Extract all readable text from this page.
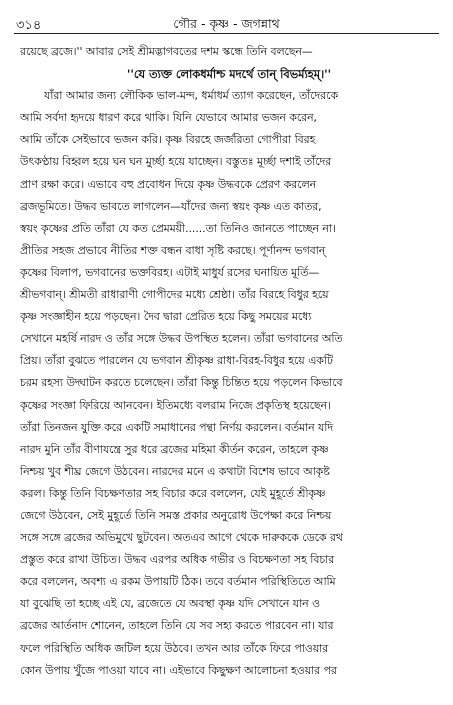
৩১৪	গৌর - কৃষ্ণ - জগন্নাথ
রয়েছে ব্রজে।'' আবার সেই শ্রীমদ্ভাগবতের দশম স্কন্ধে তিনি বলছেন—
''যে ত্যক্ত লোকধর্মাশ্চ মদর্থে তান্ বিভর্ম্যহম্।''
যাঁরা আমার জন্য লৌকিক ভাল-মন্দ, ধর্মাধর্ম ত্যাগ করেছেন, তাঁদেরকে
আমি সর্বদা হৃদয়ে ধারণ করে থাকি। যিনি যেভাবে আমার ভজন করেন,
আমি তাঁকে সেইভাবে ভজন করি। কৃষ্ণ বিরহে জর্জরিতা গোপীরা বিরহ
উৎকণ্ঠায় বিহ্বল হয়ে ঘন ঘন মুর্চ্ছা হয়ে যাচ্ছেন। বস্তুতঃ মূর্চ্ছা দশাই তাঁদের
প্রাণ রক্ষা করে। এভাবে বহু প্রবোধন দিয়ে কৃষ্ণ উদ্ধবকে প্রেরণ করলেন
ব্রজভূমিতে। উদ্ধব ভাবতে লাগলেন—যাঁদের জন্য স্বয়ং কৃষ্ণ এত কাতর,
স্বয়ং কৃষ্ণের প্রতি তাঁরা যে কত প্রেমময়ী......তা তিনিও জানতে পাচ্ছেন না।
প্রীতির সহজ প্রভাবে নীতির শক্ত বন্ধন বাধা সৃষ্টি করছে। পূর্ণানন্দ ভগবান্
কৃষ্ণের বিলাপ, ভগবানের ভক্তবিরহ। এটাই মাধুর্য রসের ঘনায়িত মূর্তি—
শ্রীভগবান্। শ্রীমতী রাধারাণী গোপীদের মধ্যে শ্রেষ্ঠা। তাঁর বিরহে বিধুর হয়ে
কৃষ্ণ সংজ্ঞাহীন হয়ে পড়ছেন। দৈব দ্বারা প্রেরিত হয়ে কিছু সময়ের মধ্যে
সেখানে মহর্ষি নারদ ও তাঁর সঙ্গে উদ্ধব উপস্থিত হলেন। তাঁরা ভগবানের অতি
প্রিয়। তাঁরা বুঝতে পারলেন যে ভগবান শ্রীকৃষ্ণ রাধা-বিরহ-বিধুর হয়ে একটি
চরম রহস্য উদ্ঘাটন করতে চলেছেন। তাঁরা কিন্তু চিন্তিত হয়ে পড়লেন কিভাবে
কৃষ্ণের সংজ্ঞা ফিরিয়ে আনবেন। ইতিমধ্যে বলরাম নিজে প্রকৃতিস্থ হয়েছেন।
তাঁরা তিনজন যুক্তি করে একটি সমাধানের পন্থা নির্ণয় করলেন। বর্তমান যদি
নারদ মুনি তাঁর বীণাযন্ত্রে সুর ধরে ব্রজের মহিমা কীর্তন করেন, তাহলে কৃষ্ণ
নিশ্চয় খুব শীঘ্র জেগে উঠবেন। নারদের মনে এ কথাটা বিশেষ ভাবে আকৃষ্ট
করল। কিন্তু তিনি বিচক্ষণতার সহ বিচার করে বললেন, যেই মুহূর্তে শ্রীকৃষ্ণ
জেগে উঠবেন, সেই মুহূর্তে তিনি সমস্ত প্রকার অনুরোধ উপেক্ষা করে নিশ্চয়
সঙ্গে সঙ্গে ব্রজের অভিমুখে ছুটবেন। অতএব আগে থেকে দারুককে ডেকে রথ
প্রস্তুত করে রাখা উচিত। উদ্ধব এরপর অধিক গভীর ও বিচক্ষণতা সহ বিচার
করে বললেন, অবশ্য এ রকম উপায়টি ঠিক। তবে বর্তমান পরিস্থিতিতে আমি
যা বুঝেছি তা হচ্ছে এই যে, ব্রজেতে যে অবস্থা কৃষ্ণ যদি সেখানে যান ও
ব্রজের আর্তনাদ শোনেন, তাহলে তিনি যে সব সহ্য করতে পারবেন না। যার
ফলে পরিস্থিতি অধিক জটিল হয়ে উঠবে। তখন আর তাঁকে ফিরে পাওয়ার
কোন উপায় খুঁজে পাওয়া যাবে না। এইভাবে কিছুক্ষণ আলোচনা হওয়ার পর
